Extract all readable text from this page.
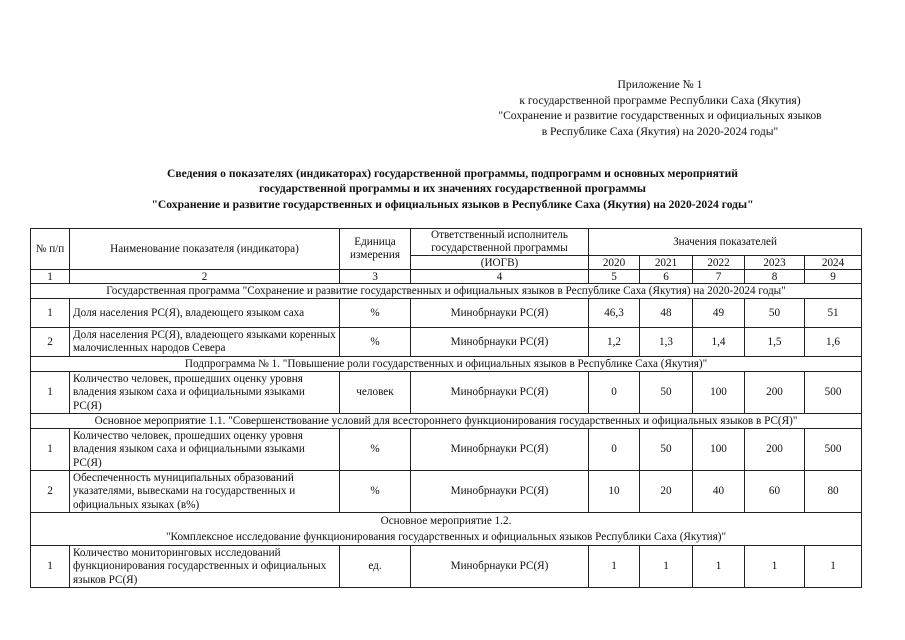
Приложение № 1
к государственной программе Республики Саха (Якутия)
"Сохранение и развитие государственных и официальных языков
в Республике Саха (Якутия) на 2020-2024 годы"
Сведения о показателях (индикаторах) государственной программы, подпрограмм и основных мероприятий
государственной программы и их значениях государственной программы
"Сохранение и развитие государственных и официальных языков в Республике Саха (Якутия) на 2020-2024 годы"
№ п/п	Наименование показателя (индикатора)	Единица измерения	Ответственный исполнитель государственной программы	Значения показателей				
			(ИОГВ)	2020	2021	2022	2023	2024
1	2	3	4	5	6	7	8	9
Государственная программа "Сохранение и развитие государственных и официальных языков в Республике Саха (Якутия) на 2020-2024 годы"								
1	Доля населения РС(Я), владеющего языком саха	%	Минобрнауки РС(Я)	46,3	48	49	50	51
2	Доля населения РС(Я), владеющего языками коренных малочисленных народов Севера	%	Минобрнауки РС(Я)	1,2	1,3	1,4	1,5	1,6
Подпрограмма № 1. "Повышение роли государственных и официальных языков в Республике Саха (Якутия)"								
1	Количество человек, прошедших оценку уровня владения языком саха и официальными языками РС(Я)	человек	Минобрнауки РС(Я)	0	50	100	200	500
Основное мероприятие 1.1. "Совершенствование условий для всестороннего функционирования государственных и официальных языков в РС(Я)"								
1	Количество человек, прошедших оценку уровня владения языком саха и официальными языками РС(Я)	%	Минобрнауки РС(Я)	0	50	100	200	500
2	Обеспеченность муниципальных образований указателями, вывесками на государственных и официальных языках (в%)	%	Минобрнауки РС(Я)	10	20	40	60	80

Основное мероприятие 1.2.
"Комплексное исследование функционирования государственных и официальных языков Республики Саха (Якутия)"								

1	Количество мониторинговых исследований функционирования государственных и официальных языков РС(Я)	ед.	Минобрнауки РС(Я)	1	1	1	1	1
